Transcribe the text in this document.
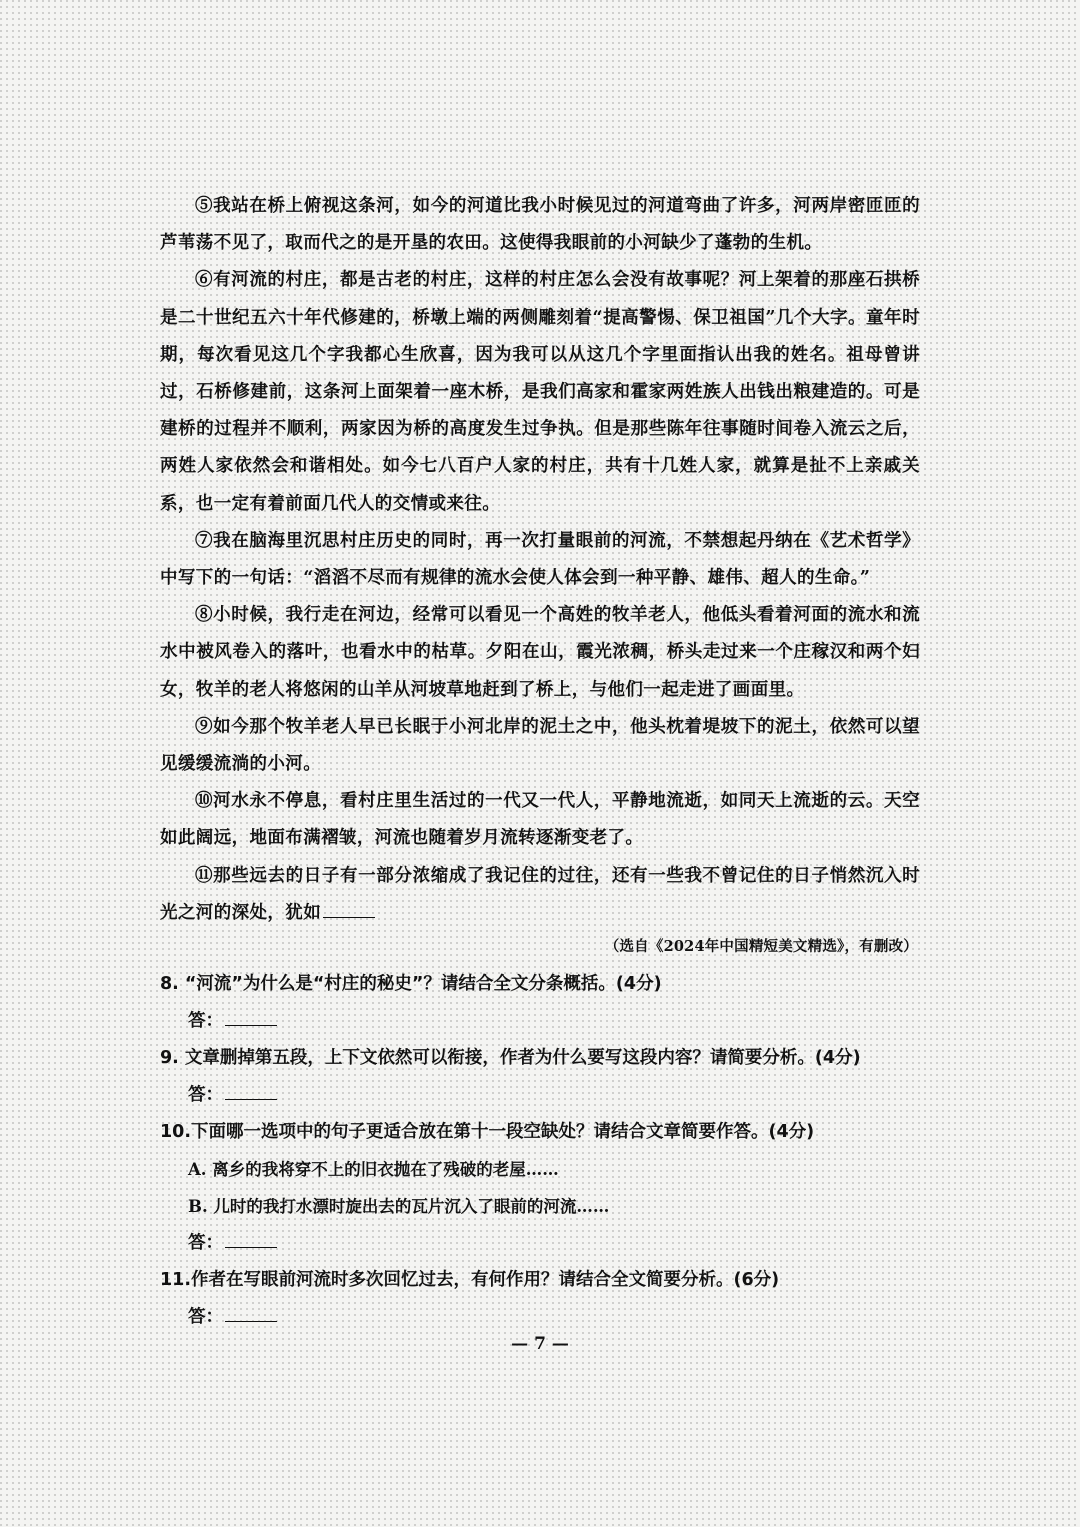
⑤我站在桥上俯视这条河，如今的河道比我小时候见过的河道弯曲了许多，河两岸密匝匝的芦苇荡不见了，取而代之的是开垦的农田。这使得我眼前的小河缺少了蓬勃的生机。

⑥有河流的村庄，都是古老的村庄，这样的村庄怎么会没有故事呢？河上架着的那座石拱桥是二十世纪五六十年代修建的，桥墩上端的两侧雕刻着“提高警惕、保卫祖国”几个大字。童年时期，每次看见这几个字我都心生欣喜，因为我可以从这几个字里面指认出我的姓名。祖母曾讲过，石桥修建前，这条河上面架着一座木桥，是我们高家和霍家两姓族人出钱出粮建造的。可是建桥的过程并不顺利，两家因为桥的高度发生过争执。但是那些陈年往事随时间卷入流云之后，两姓人家依然会和谐相处。如今七八百户人家的村庄，共有十几姓人家，就算是扯不上亲戚关系，也一定有着前面几代人的交情或来往。

⑦我在脑海里沉思村庄历史的同时，再一次打量眼前的河流，不禁想起丹纳在《艺术哲学》中写下的一句话：“滔滔不尽而有规律的流水会使人体会到一种平静、雄伟、超人的生命。”

⑧小时候，我行走在河边，经常可以看见一个高姓的牧羊老人，他低头看着河面的流水和流水中被风卷入的落叶，也看水中的枯草。夕阳在山，霞光浓稠，桥头走过来一个庄稼汉和两个妇女，牧羊的老人将悠闲的山羊从河坡草地赶到了桥上，与他们一起走进了画面里。

⑨如今那个牧羊老人早已长眠于小河北岸的泥土之中，他头枕着堤坡下的泥土，依然可以望见缓缓流淌的小河。

⑩河水永不停息，看村庄里生活过的一代又一代人，平静地流逝，如同天上流逝的云。天空如此阔远，地面布满褶皱，河流也随着岁月流转逐渐变老了。

⑪那些远去的日子有一部分浓缩成了我记住的过往，还有一些我不曾记住的日子悄然沉入时光之河的深处，犹如

（选自《2024年中国精短美文精选》，有删改）

8. “河流”为什么是“村庄的秘史”？请结合全文分条概括。(4分)

答：

9. 文章删掉第五段，上下文依然可以衔接，作者为什么要写这段内容？请简要分析。(4分)

答：

10.下面哪一选项中的句子更适合放在第十一段空缺处？请结合文章简要作答。(4分)

A. 离乡的我将穿不上的旧衣抛在了残破的老屋……

B. 儿时的我打水漂时旋出去的瓦片沉入了眼前的河流……

答：

11.作者在写眼前河流时多次回忆过去，有何作用？请结合全文简要分析。(6分)

答：

— 7 —
